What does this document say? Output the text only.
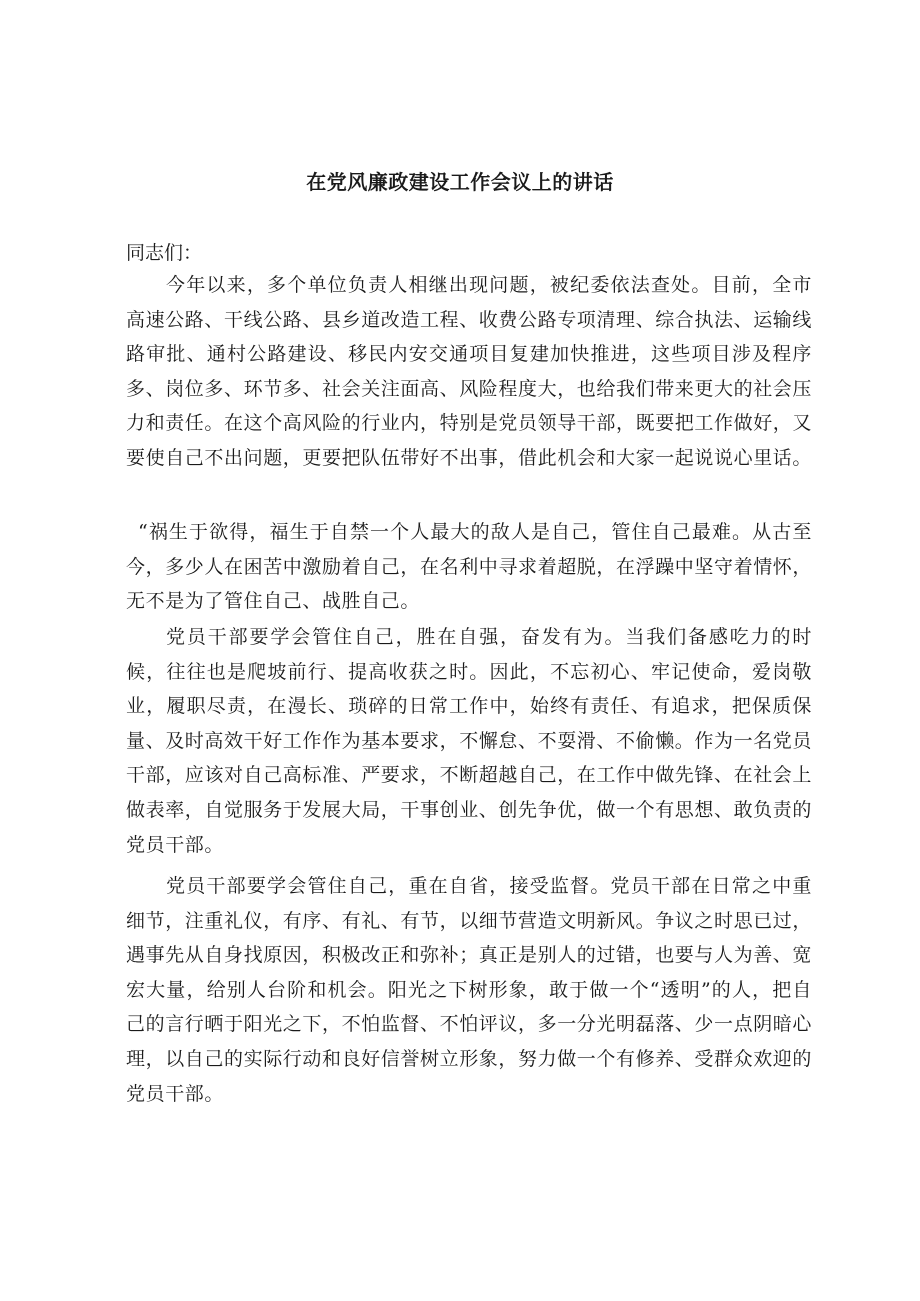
在党风廉政建设工作会议上的讲话

同志们：

今年以来，多个单位负责人相继出现问题，被纪委依法查处。目前，全市高速公路、干线公路、县乡道改造工程、收费公路专项清理、综合执法、运输线路审批、通村公路建设、移民内安交通项目复建加快推进，这些项目涉及程序多、岗位多、环节多、社会关注面高、风险程度大，也给我们带来更大的社会压力和责任。在这个高风险的行业内，特别是党员领导干部，既要把工作做好，又要使自己不出问题，更要把队伍带好不出事，借此机会和大家一起说说心里话。

“祸生于欲得，福生于自禁一个人最大的敌人是自己，管住自己最难。从古至今，多少人在困苦中激励着自己，在名利中寻求着超脱，在浮躁中坚守着情怀，无不是为了管住自己、战胜自己。

党员干部要学会管住自己，胜在自强，奋发有为。当我们备感吃力的时候，往往也是爬坡前行、提高收获之时。因此，不忘初心、牢记使命，爱岗敬业，履职尽责，在漫长、琐碎的日常工作中，始终有责任、有追求，把保质保量、及时高效干好工作作为基本要求，不懈怠、不耍滑、不偷懒。作为一名党员干部，应该对自己高标准、严要求，不断超越自己，在工作中做先锋、在社会上做表率，自觉服务于发展大局，干事创业、创先争优，做一个有思想、敢负责的党员干部。

党员干部要学会管住自己，重在自省，接受监督。党员干部在日常之中重细节，注重礼仪，有序、有礼、有节，以细节营造文明新风。争议之时思已过，遇事先从自身找原因，积极改正和弥补；真正是别人的过错，也要与人为善、宽宏大量，给别人台阶和机会。阳光之下树形象，敢于做一个“透明”的人，把自己的言行晒于阳光之下，不怕监督、不怕评议，多一分光明磊落、少一点阴暗心理，以自己的实际行动和良好信誉树立形象，努力做一个有修养、受群众欢迎的党员干部。
